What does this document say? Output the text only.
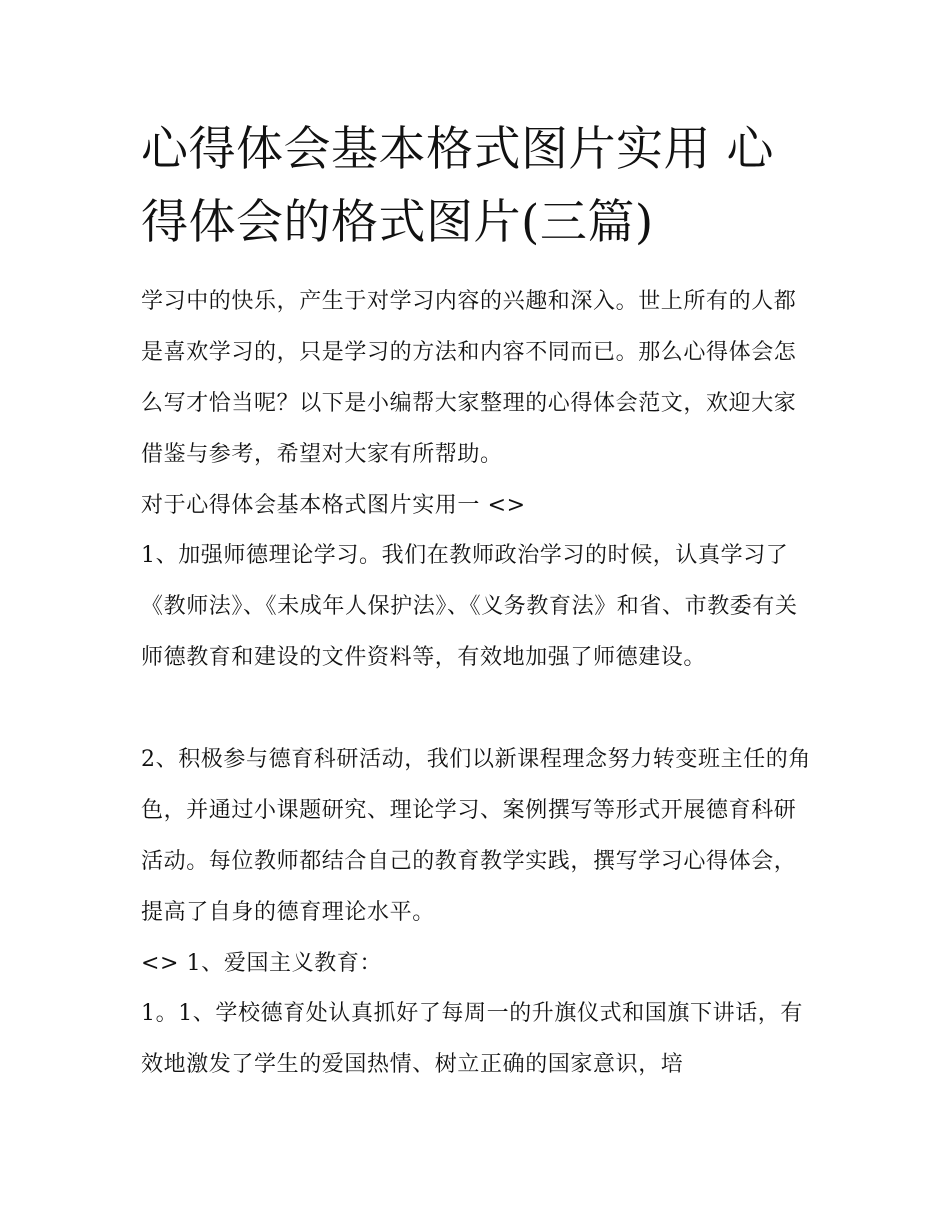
心得体会基本格式图片实用 心得体会的格式图片(三篇)

学习中的快乐，产生于对学习内容的兴趣和深入。世上所有的人都是喜欢学习的，只是学习的方法和内容不同而已。那么心得体会怎么写才恰当呢？以下是小编帮大家整理的心得体会范文，欢迎大家借鉴与参考，希望对大家有所帮助。

对于心得体会基本格式图片实用一 <>

1、加强师德理论学习。我们在教师政治学习的时候，认真学习了《教师法》、《未成年人保护法》、《义务教育法》和省、市教委有关师德教育和建设的文件资料等，有效地加强了师德建设。

2、积极参与德育科研活动，我们以新课程理念努力转变班主任的角色，并通过小课题研究、理论学习、案例撰写等形式开展德育科研活动。每位教师都结合自己的教育教学实践，撰写学习心得体会，提高了自身的德育理论水平。

<> 1、爱国主义教育：

1。1、学校德育处认真抓好了每周一的升旗仪式和国旗下讲话，有效地激发了学生的爱国热情、树立正确的国家意识，培
